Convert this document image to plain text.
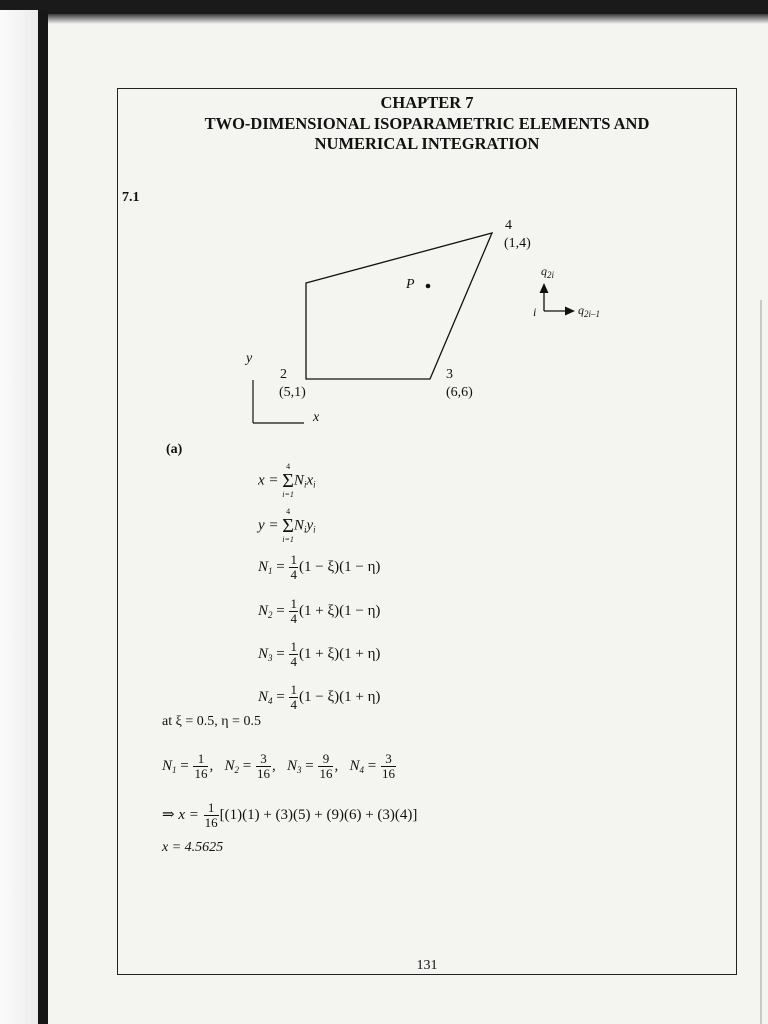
CHAPTER 7
TWO-DIMENSIONAL ISOPARAMETRIC ELEMENTS AND
NUMERICAL INTEGRATION
7.1
4
(1,4)
P
2
(5,1)
3
(6,6)
y
x
$q_{2i}$
i	$q_{2i-1}$
(a)
x =
4
Σ
i=1
$N_ix_i$
y =
4
Σ
i=1
$N_iy_i$
$N_1 = \frac{1}{4} (1 - \xi)(1 - \eta)$
$N_2 = \frac{1}{4} (1 + \xi)(1 - \eta)$
$N_3 = \frac{1}{4} (1 + \xi)(1 + \eta)$
$N_4 = \frac{1}{4} (1 - \xi)(1 + \eta)$
at ξ = 0.5, η = 0.5
$N_1 = \frac{1}{16}$ ,   $N_2 = \frac{3}{16}$ ,   $N_3 = \frac{9}{16}$ ,   $N_4 = \frac{3}{16}$
⇒ $x = \frac{1}{16} [(1)(1) + (3)(5) + (9)(6) + (3)(4)]$
x = 4.5625
131
